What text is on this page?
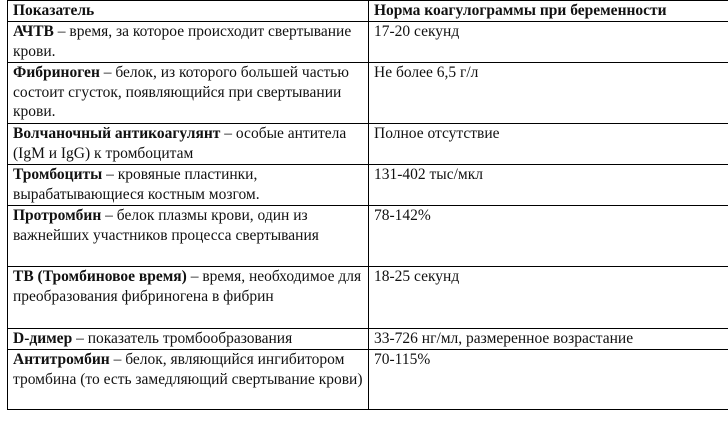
Показатель	Норма коагулограммы при беременности
АЧТВ – время, за которое происходит свертывание крови.	17-20 секунд
Фибриноген – белок, из которого большей частью состоит сгусток, появляющийся при свертывании крови.	Не более 6,5 г/л
Волчаночный антикоагулянт – особые антитела (IgM и IgG) к тромбоцитам	Полное отсутствие
Тромбоциты – кровяные пластинки, вырабатывающиеся костным мозгом.	131-402 тыс/мкл
Протромбин – белок плазмы крови, один из важнейших участников процесса свертывания	78-142%
ТВ (Тромбиновое время) – время, необходимое для преобразования фибриногена в фибрин	18-25 секунд
D-димер – показатель тромбообразования	33-726 нг/мл, размеренное возрастание
Антитромбин – белок, являющийся ингибитором тромбина (то есть замедляющий свертывание крови)	70-115%
